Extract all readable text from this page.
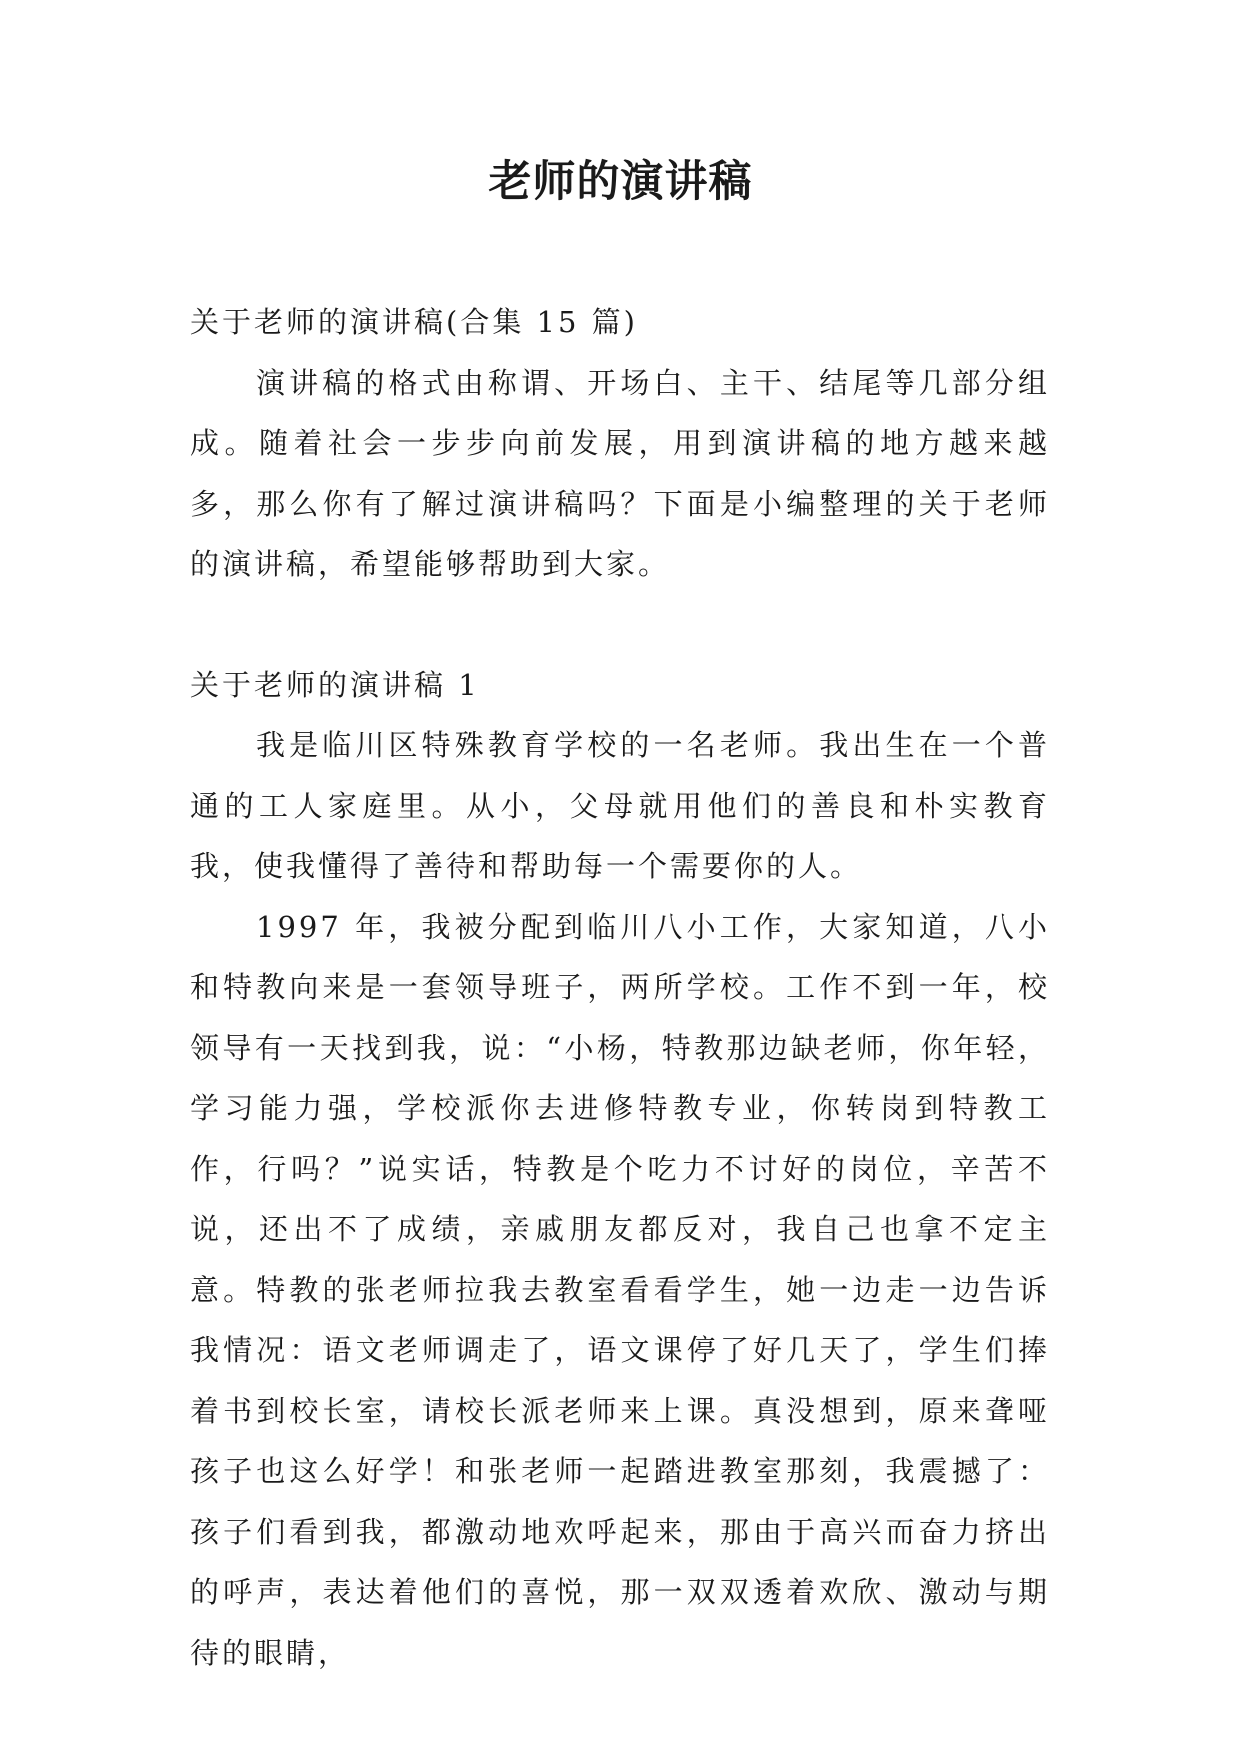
老师的演讲稿

关于老师的演讲稿(合集 15 篇)

演讲稿的格式由称谓、开场白、主干、结尾等几部分组成。随着社会一步步向前发展，用到演讲稿的地方越来越多，那么你有了解过演讲稿吗？下面是小编整理的关于老师的演讲稿，希望能够帮助到大家。

关于老师的演讲稿 1

我是临川区特殊教育学校的一名老师。我出生在一个普通的工人家庭里。从小，父母就用他们的善良和朴实教育我，使我懂得了善待和帮助每一个需要你的人。

1997 年，我被分配到临川八小工作，大家知道，八小和特教向来是一套领导班子，两所学校。工作不到一年，校领导有一天找到我，说：“小杨，特教那边缺老师，你年轻，学习能力强，学校派你去进修特教专业，你转岗到特教工作，行吗？”说实话，特教是个吃力不讨好的岗位，辛苦不说，还出不了成绩，亲戚朋友都反对，我自己也拿不定主意。特教的张老师拉我去教室看看学生，她一边走一边告诉我情况：语文老师调走了，语文课停了好几天了，学生们捧着书到校长室，请校长派老师来上课。真没想到，原来聋哑孩子也这么好学！和张老师一起踏进教室那刻，我震撼了：孩子们看到我，都激动地欢呼起来，那由于高兴而奋力挤出的呼声，表达着他们的喜悦，那一双双透着欢欣、激动与期待的眼睛，
